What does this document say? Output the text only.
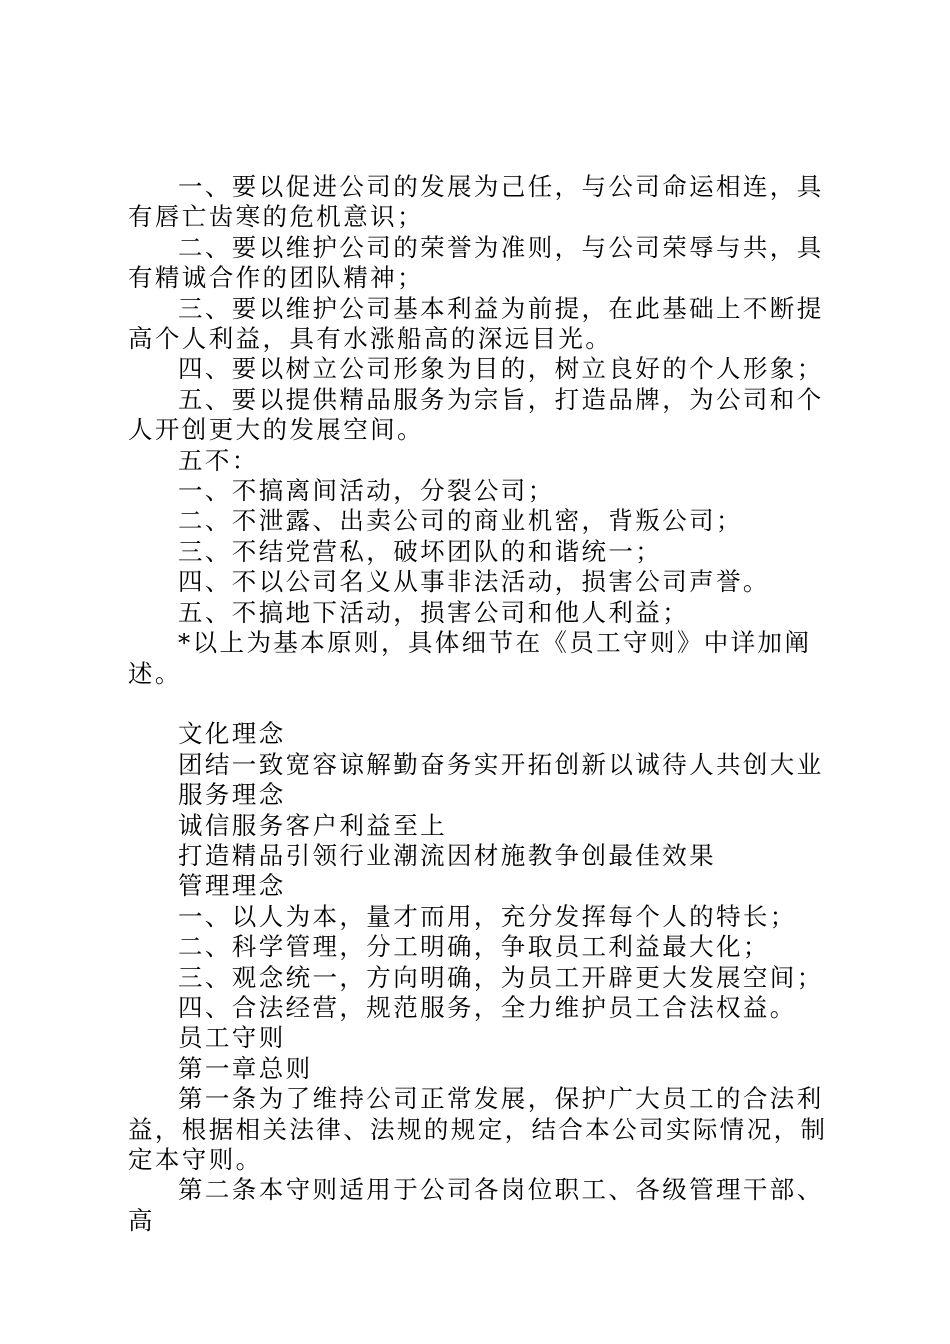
一、要以促进公司的发展为己任，与公司命运相连，具有唇亡齿寒的危机意识；

二、要以维护公司的荣誉为准则，与公司荣辱与共，具有精诚合作的团队精神；

三、要以维护公司基本利益为前提，在此基础上不断提高个人利益，具有水涨船高的深远目光。

四、要以树立公司形象为目的，树立良好的个人形象；

五、要以提供精品服务为宗旨，打造品牌，为公司和个人开创更大的发展空间。

五不：

一、不搞离间活动，分裂公司；

二、不泄露、出卖公司的商业机密，背叛公司；

三、不结党营私，破坏团队的和谐统一；

四、不以公司名义从事非法活动，损害公司声誉。

五、不搞地下活动，损害公司和他人利益；

*以上为基本原则，具体细节在《员工守则》中详加阐述。

文化理念

团结一致宽容谅解勤奋务实开拓创新以诚待人共创大业

服务理念

诚信服务客户利益至上

打造精品引领行业潮流因材施教争创最佳效果

管理理念

一、以人为本，量才而用，充分发挥每个人的特长；

二、科学管理，分工明确，争取员工利益最大化；

三、观念统一，方向明确，为员工开辟更大发展空间；

四、合法经营，规范服务，全力维护员工合法权益。

员工守则

第一章总则

第一条为了维持公司正常发展，保护广大员工的合法利益，根据相关法律、法规的规定，结合本公司实际情况，制定本守则。

第二条本守则适用于公司各岗位职工、各级管理干部、高
